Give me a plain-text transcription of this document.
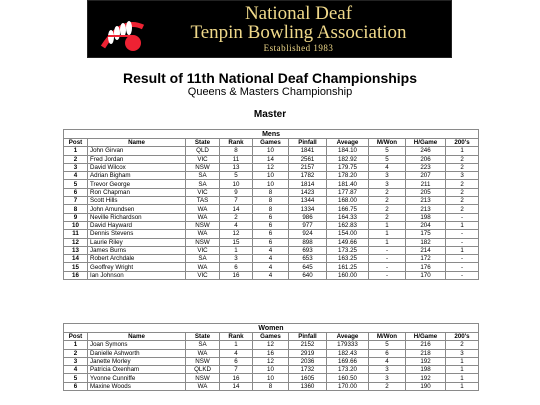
National Deaf
Tenpin Bowling Association
Established 1983
Result of 11th National Deaf Championships
Queens & Masters Championship
Master
Mens									
Post	Name	State	Rank	Games	Pinfall	Aveage	M/Won	H/Game	200's
1	John Girvan	QLD	8	10	1841	184.10	5	246	1
2	Fred Jordan	VIC	11	14	2561	182.92	5	206	2
3	David Wilcox	NSW	13	12	2157	179.75	4	223	2
4	Adrian Bigham	SA	5	10	1782	178.20	3	207	3
5	Trevor George	SA	10	10	1814	181.40	3	211	2
6	Ron Chapman	VIC	9	8	1423	177.87	2	205	2
7	Scott Hills	TAS	7	8	1344	168.00	2	213	2
8	John Amundsen	WA	14	8	1334	166.75	2	213	2
9	Neville Richardson	WA	2	6	986	164.33	2	198	-
10	David Hayward	NSW	4	6	977	162.83	1	204	1
11	Dennis Stevens	WA	12	6	924	154.00	1	175	-
12	Laurie Riley	NSW	15	6	898	149.66	1	182	-
13	James Burns	VIC	1	4	693	173.25	-	214	1
14	Robert Archdale	SA	3	4	653	163.25	-	172	-
15	Geoffrey Wright	WA	6	4	645	161.25	-	176	-
16	Ian Johnson	VIC	16	4	640	160.00	-	170	-
Women									
Post	Name	State	Rank	Games	Pinfall	Aveage	M/Won	H/Game	200's
1	Joan Symons	SA	1	12	2152	179333	5	216	2
2	Danielle Ashworth	WA	4	16	2919	182.43	6	218	3
3	Janette Morley	NSW	6	12	2036	169.66	4	192	1
4	Patricia Oxenham	QLKD	7	10	1732	173.20	3	198	1
5	Yvonne Cunniffe	NSW	16	10	1605	160.50	3	192	1
6	Maxine Woods	WA	14	8	1360	170.00	2	190	1
